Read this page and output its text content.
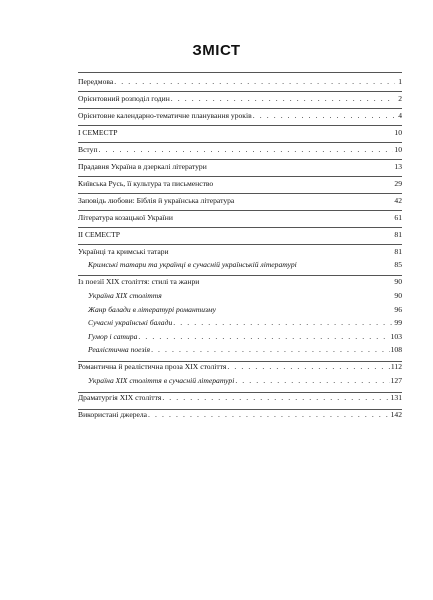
ЗМІСТ
Передмова . . .	1
Орієнтовний розподіл годин . . .	2
Орієнтовне календарно-тематичне планування уроків . . .	4
І СЕМЕСТР	10
Вступ . . .	10
Прадавня Україна в дзеркалі літератури	13
Київська Русь, її культура та письменство	29
Заповідь любови: Біблія й українська література	42
Література козацької України	61
ІІ СЕМЕСТР	81
Українці та кримські татари	81
Кримські татари та українці в сучасній українській літературі	85
Із поезії ХІХ століття: стилі та жанри	90
Україна ХІХ століття	90
Жанр балади в літературі романтизму	96
Сучасні українські балади . . .	99
Гумор і сатира . . .	103
Реалістична поезія . . .	108
Романтична й реалістична проза ХІХ століття . . .	112
Україна ХІХ століття в сучасній літературі . . .	127
Драматургія ХІХ століття . . .	131
Використані джерела . . .	142
